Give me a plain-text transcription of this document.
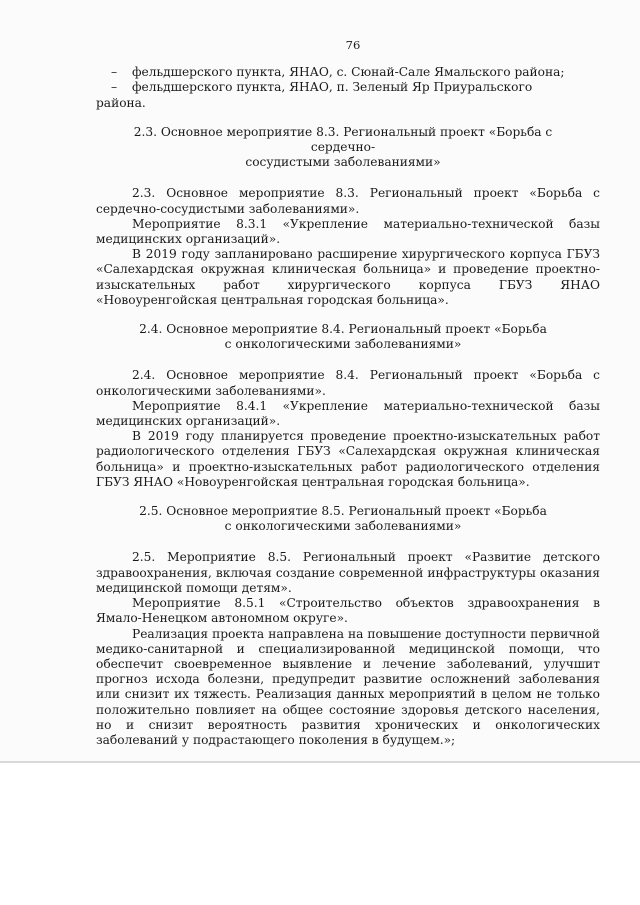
76
–	фельдшерского пункта, ЯНАО, с. Сюнай-Сале Ямальского района;
–	фельдшерского пункта, ЯНАО, п. Зеленый Яр Приуральского

района.

2.3. Основное мероприятие 8.3. Региональный проект «Борьба с сердечно-
сосудистыми заболеваниями»

2.3. Основное мероприятие 8.3. Региональный проект «Борьба с сердечно-сосудистыми заболеваниями».

Мероприятие 8.3.1 «Укрепление материально-технической базы медицинских организаций».

В 2019 году запланировано расширение хирургического корпуса ГБУЗ «Салехардская окружная клиническая больница» и проведение проектно-изыскательных работ хирургического корпуса ГБУЗ ЯНАО «Новоуренгойская центральная городская больница».

2.4. Основное мероприятие 8.4. Региональный проект «Борьба
с онкологическими заболеваниями»

2.4. Основное мероприятие 8.4. Региональный проект «Борьба с онкологическими заболеваниями».

Мероприятие 8.4.1 «Укрепление материально-технической базы медицинских организаций».

В 2019 году планируется проведение проектно-изыскательных работ радиологического отделения ГБУЗ «Салехардская окружная клиническая больница» и проектно-изыскательных работ радиологического отделения ГБУЗ ЯНАО «Новоуренгойская центральная городская больница».

2.5. Основное мероприятие 8.5. Региональный проект «Борьба
с онкологическими заболеваниями»

2.5. Мероприятие 8.5. Региональный проект «Развитие детского здравоохранения, включая создание современной инфраструктуры оказания медицинской помощи детям».

Мероприятие 8.5.1 «Строительство объектов здравоохранения в Ямало-Ненецком автономном округе».

Реализация проекта направлена на повышение доступности первичной медико-санитарной и специализированной медицинской помощи, что обеспечит своевременное выявление и лечение заболеваний, улучшит прогноз исхода болезни, предупредит развитие осложнений заболевания или снизит их тяжесть. Реализация данных мероприятий в целом не только положительно повлияет на общее состояние здоровья детского населения, но и снизит вероятность развития хронических и онкологических заболеваний у подрастающего поколения в будущем.»;
